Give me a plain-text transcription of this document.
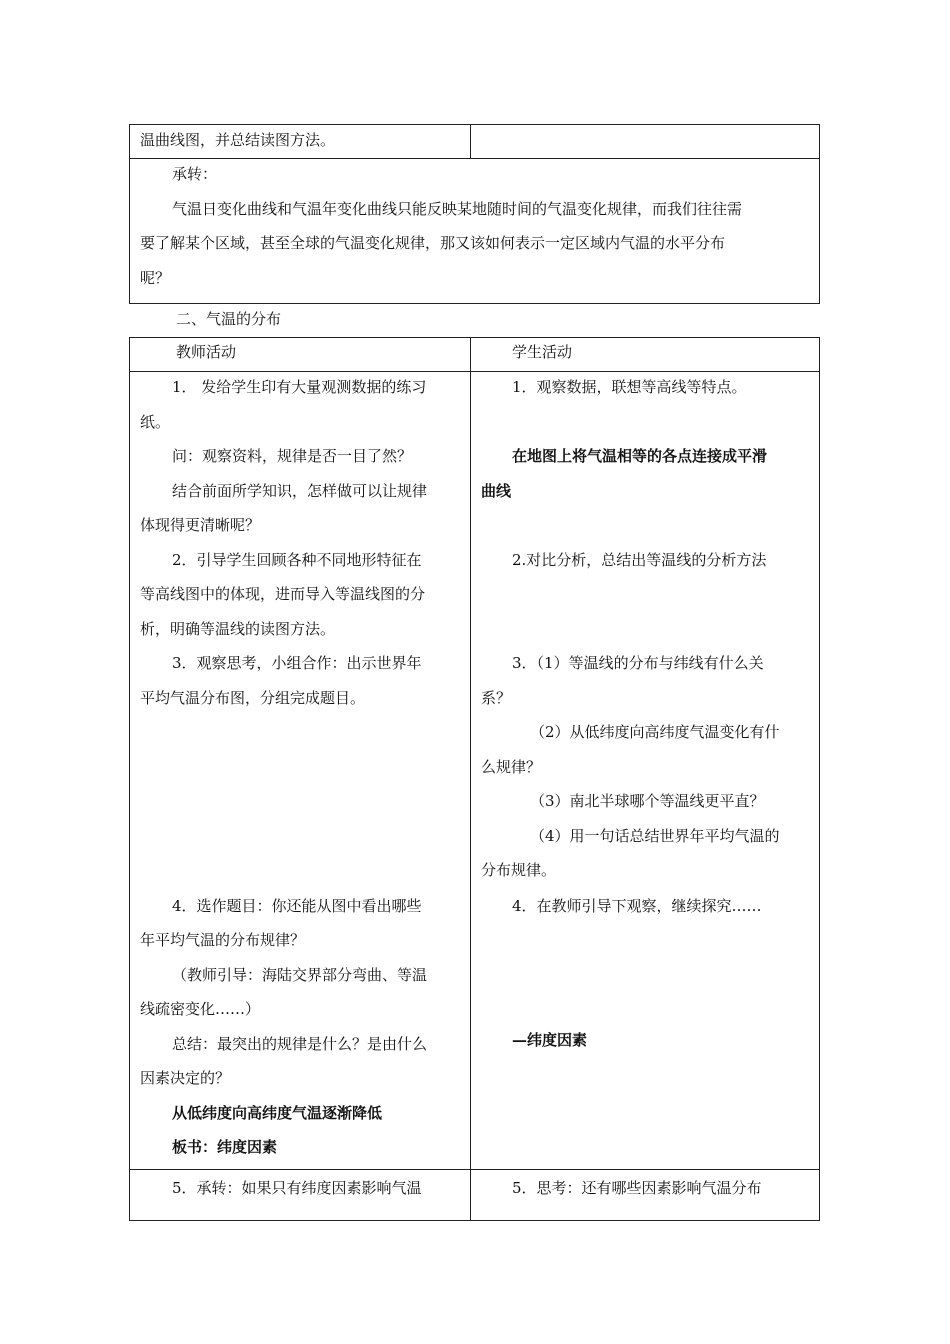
温曲线图，并总结读图方法。
承转：
气温日变化曲线和气温年变化曲线只能反映某地随时间的气温变化规律，而我们往往需
要了解某个区域，甚至全球的气温变化规律，那又该如何表示一定区域内气温的水平分布
呢？
二、气温的分布
教师活动	学生活动
1． 发给学生印有大量观测数据的练习
纸。
问：观察资料，规律是否一目了然？
结合前面所学知识，怎样做可以让规律
体现得更清晰呢？
2．引导学生回顾各种不同地形特征在
等高线图中的体现，进而导入等温线图的分
析，明确等温线的读图方法。
3．观察思考，小组合作：出示世界年
平均气温分布图，分组完成题目。
4．选作题目：你还能从图中看出哪些
年平均气温的分布规律？
（教师引导：海陆交界部分弯曲、等温
线疏密变化……）
总结：最突出的规律是什么？是由什么
因素决定的？
从低纬度向高纬度气温逐渐降低
板书：纬度因素
1．观察数据，联想等高线等特点。
在地图上将气温相等的各点连接成平滑
曲线
2.对比分析，总结出等温线的分析方法
3．（1）等温线的分布与纬线有什么关
系？
（2）从低纬度向高纬度气温变化有什
么规律？
（3）南北半球哪个等温线更平直？
（4）用一句话总结世界年平均气温的
分布规律。
4．在教师引导下观察，继续探究……
—纬度因素
5．承转：如果只有纬度因素影响气温	5．思考：还有哪些因素影响气温分布
